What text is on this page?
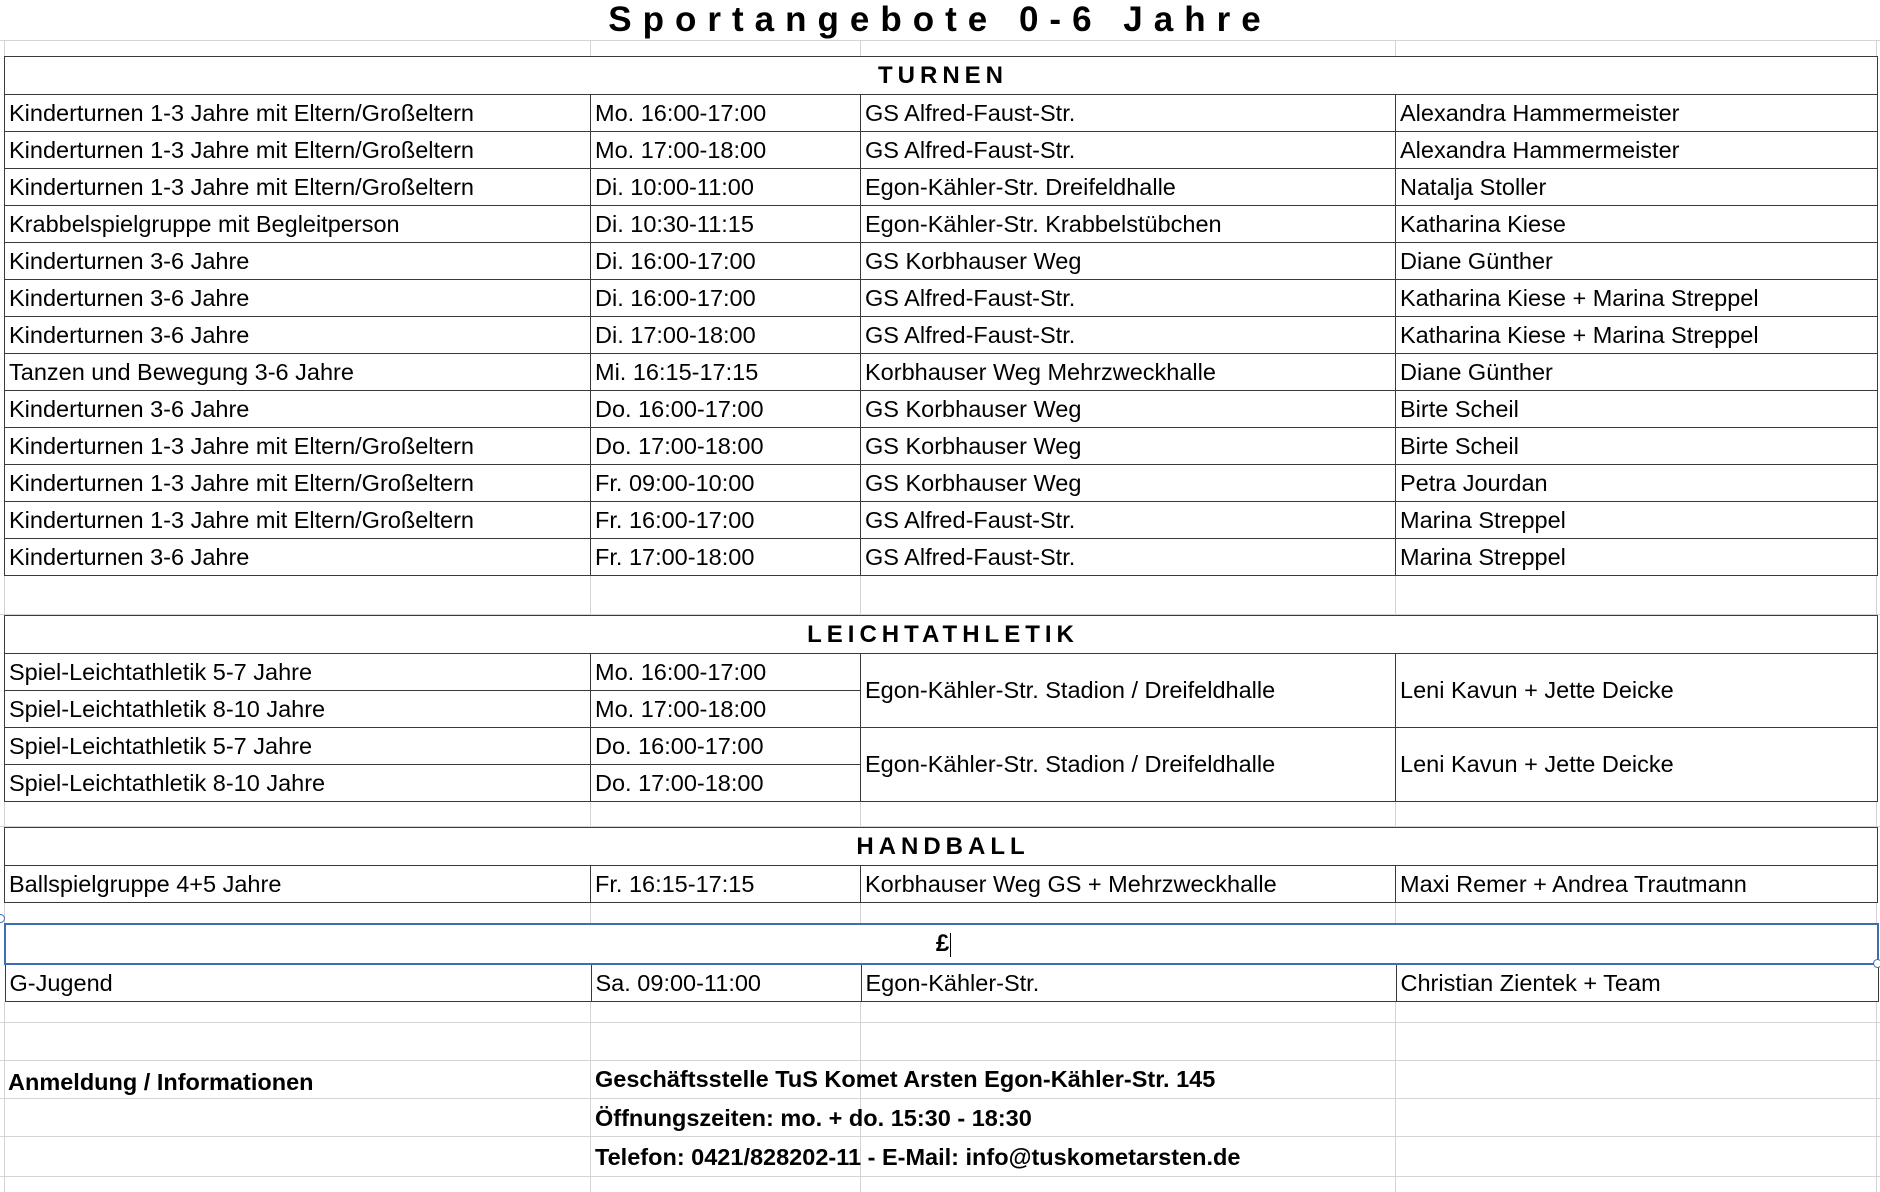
Sportangebote 0-6 Jahre
TURNEN			
Kinderturnen 1-3 Jahre mit Eltern/Großeltern	Mo. 16:00-17:00	GS Alfred-Faust-Str.	Alexandra Hammermeister
Kinderturnen 1-3 Jahre mit Eltern/Großeltern	Mo. 17:00-18:00	GS Alfred-Faust-Str.	Alexandra Hammermeister
Kinderturnen 1-3 Jahre mit Eltern/Großeltern	Di. 10:00-11:00	Egon-Kähler-Str. Dreifeldhalle	Natalja Stoller
Krabbelspielgruppe mit Begleitperson	Di. 10:30-11:15	Egon-Kähler-Str. Krabbelstübchen	Katharina Kiese
Kinderturnen 3-6 Jahre	Di. 16:00-17:00	GS Korbhauser Weg	Diane Günther
Kinderturnen 3-6 Jahre	Di. 16:00-17:00	GS Alfred-Faust-Str.	Katharina Kiese + Marina Streppel
Kinderturnen 3-6 Jahre	Di. 17:00-18:00	GS Alfred-Faust-Str.	Katharina Kiese + Marina Streppel
Tanzen und Bewegung 3-6 Jahre	Mi. 16:15-17:15	Korbhauser Weg Mehrzweckhalle	Diane Günther
Kinderturnen 3-6 Jahre	Do. 16:00-17:00	GS Korbhauser Weg	Birte Scheil
Kinderturnen 1-3 Jahre mit Eltern/Großeltern	Do. 17:00-18:00	GS Korbhauser Weg	Birte Scheil
Kinderturnen 1-3 Jahre mit Eltern/Großeltern	Fr. 09:00-10:00	GS Korbhauser Weg	Petra Jourdan
Kinderturnen 1-3 Jahre mit Eltern/Großeltern	Fr. 16:00-17:00	GS Alfred-Faust-Str.	Marina Streppel
Kinderturnen 3-6 Jahre	Fr. 17:00-18:00	GS Alfred-Faust-Str.	Marina Streppel
LEICHTATHLETIK			
Spiel-Leichtathletik 5-7 Jahre	Mo. 16:00-17:00	Egon-Kähler-Str. Stadion / Dreifeldhalle	Leni Kavun + Jette Deicke
Spiel-Leichtathletik 8-10 Jahre	Mo. 17:00-18:00		
Spiel-Leichtathletik 5-7 Jahre	Do. 16:00-17:00	Egon-Kähler-Str. Stadion / Dreifeldhalle	Leni Kavun + Jette Deicke
Spiel-Leichtathletik 8-10 Jahre	Do. 17:00-18:00		
HANDBALL
Ballspielgruppe 4+5 Jahre	Fr. 16:15-17:15	Korbhauser Weg GS + Mehrzweckhalle	Maxi Remer + Andrea Trautmann
£
G-Jugend	Sa. 09:00-11:00	Egon-Kähler-Str.	Christian Zientek + Team
Anmeldung / Informationen	Geschäftsstelle TuS Komet Arsten Egon-Kähler-Str. 145
Öffnungszeiten: mo. + do. 15:30 - 18:30
Telefon: 0421/828202-11 - E-Mail: info@tuskometarsten.de
